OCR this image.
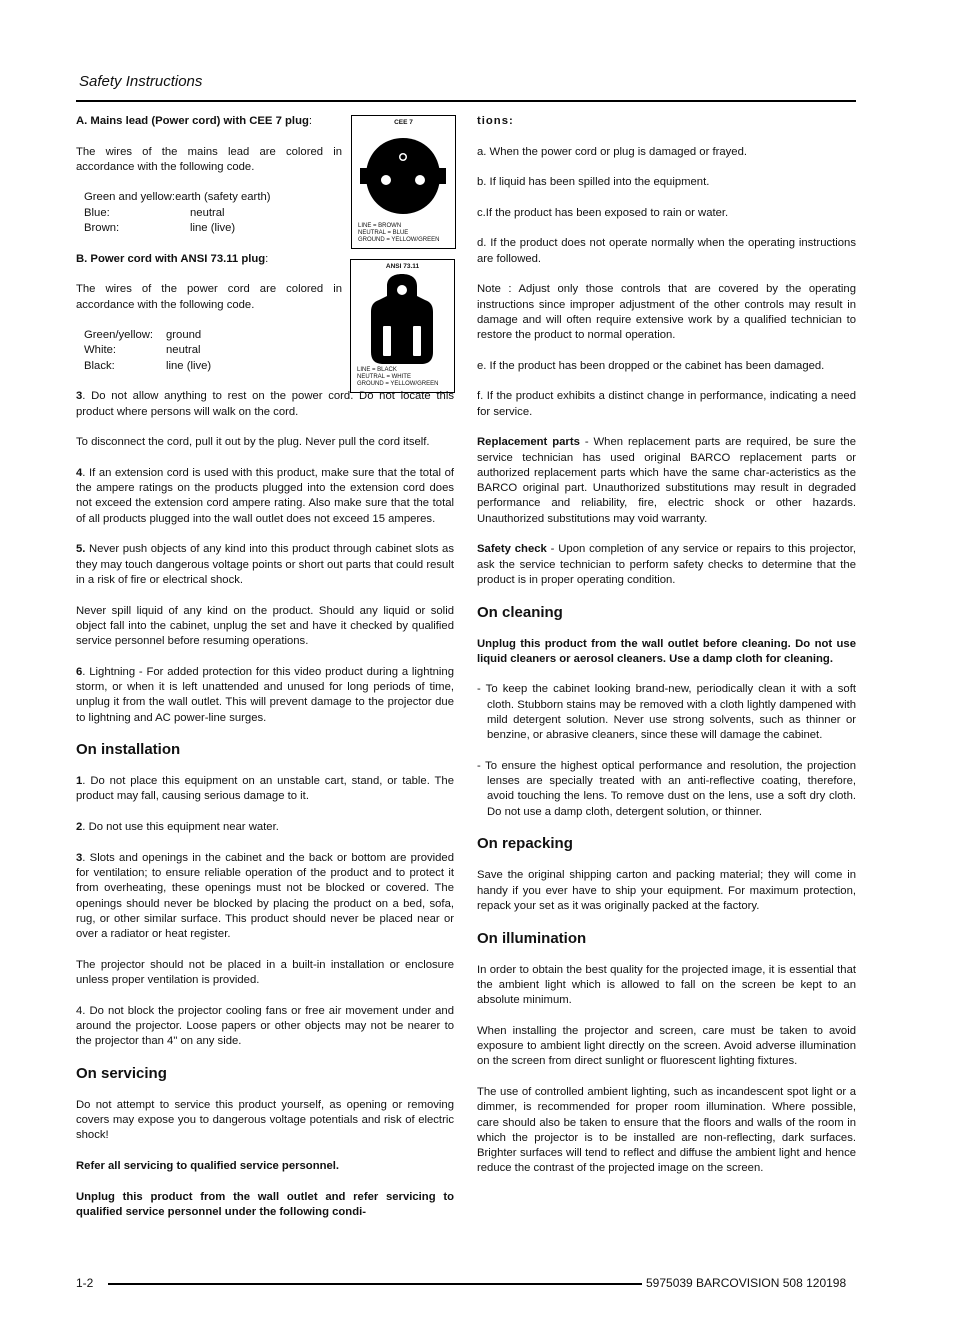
Safety Instructions
CEE 7
LINE = BROWN
NEUTRAL = BLUE
GROUND = YELLOW/GREEN
ANSI 73.11
LINE = BLACK
NEUTRAL = WHITE
GROUND = YELLOW/GREEN

A. Mains lead (Power cord) with CEE 7 plug:

The wires of the mains lead are colored in accordance with the following code.

Green and yellow: earth (safety earth)
Blue:	neutral
Brown:	line (live)

B. Power cord with ANSI 73.11 plug:

The wires of the power cord are colored in accordance with the following code.

Green/yellow:	ground
White:	neutral
Black:	line (live)

3. Do not allow anything to rest on the power cord. Do not locate this product where persons will walk on the cord.

To disconnect the cord, pull it out by the plug. Never pull the cord itself.

4. If an extension cord is used with this product, make sure that the total of the ampere ratings on the products plugged into the extension cord does not exceed the extension cord ampere rating. Also make sure that the total of all products plugged into the wall outlet does not exceed 15 amperes.

5. Never push objects of any kind into this product through cabinet slots as they may touch dangerous voltage points or short out parts that could result in a risk of fire or electrical shock.

Never spill liquid of any kind on the product. Should any liquid or solid object fall into the cabinet, unplug the set and have it checked by qualified service personnel before resuming operations.

6. Lightning - For added protection for this video product during a lightning storm, or when it is left unattended and unused for long periods of time, unplug it from the wall outlet. This will prevent damage to the projector due to lightning and AC power-line surges.

On installation

1. Do not place this equipment on an unstable cart, stand, or table. The product may fall, causing serious damage to it.

2. Do not use this equipment near water.

3. Slots and openings in the cabinet and the back or bottom are provided for ventilation; to ensure reliable operation of the product and to protect it from overheating, these openings must not be blocked or covered. The openings should never be blocked by placing the product on a bed, sofa, rug, or other similar surface. This product should never be placed near or over a radiator or heat register.

The projector should not be placed in a built-in installation or enclosure unless proper ventilation is provided.

4. Do not block the projector cooling fans or free air movement under and around the projector. Loose papers or other objects may not be nearer to the projector than 4" on any side.

On servicing

Do not attempt to service this product yourself, as opening or removing covers may expose you to dangerous voltage potentials and risk of electric shock!

Refer all servicing to qualified service personnel.

Unplug this product from the wall outlet and refer servicing to qualified service personnel under the following condi-

tions:

a. When the power cord or plug is damaged or frayed.

b. If liquid has been spilled into the equipment.

c.If the product has been exposed to rain or water.

d. If the product does not operate normally when the operating instructions are followed.

Note : Adjust only those controls that are covered by the operating instructions since improper adjustment of the other controls may result in damage and will often require extensive work by a qualified technician to restore the product to normal operation.

e. If the product has been dropped or the cabinet has been damaged.

f. If the product exhibits a distinct change in performance, indicating a need for service.

Replacement parts - When replacement parts are required, be sure the service technician has used original BARCO replacement parts or authorized replacement parts which have the same char-acteristics as the BARCO original part. Unauthorized substitutions may result in degraded performance and reliability, fire, electric shock or other hazards. Unauthorized substitutions may void warranty.

Safety check - Upon completion of any service or repairs to this projector, ask the service technician to perform safety checks to determine that the product is in proper operating condition.

On cleaning

Unplug this product from the wall outlet before cleaning. Do not use liquid cleaners or aerosol cleaners. Use a damp cloth for cleaning.

- To keep the cabinet looking brand-new, periodically clean it with a soft cloth. Stubborn stains may be removed with a cloth lightly dampened with mild detergent solution. Never use strong solvents, such as thinner or benzine, or abrasive cleaners, since these will damage the cabinet.

- To ensure the highest optical performance and resolution, the projection lenses are specially treated with an anti-reflective coating, therefore, avoid touching the lens. To remove dust on the lens, use a soft dry cloth. Do not use a damp cloth, detergent solution, or thinner.

On repacking

Save the original shipping carton and packing material; they will come in handy if you ever have to ship your equipment. For maximum protection, repack your set as it was originally packed at the factory.

On illumination

In order to obtain the best quality for the projected image, it is essential that the ambient light which is allowed to fall on the screen be kept to an absolute minimum.

When installing the projector and screen, care must be taken to avoid exposure to ambient light directly on the screen. Avoid adverse illumination on the screen from direct sunlight or fluorescent lighting fixtures.

The use of controlled ambient lighting, such as incandescent spot light or a dimmer, is recommended for proper room illumination. Where possible, care should also be taken to ensure that the floors and walls of the room in which the projector is to be installed are non-reflecting, dark surfaces. Brighter surfaces will tend to reflect and diffuse the ambient light and hence reduce the contrast of the projected image on the screen.

1-2	5975039 BARCOVISION 508 120198
